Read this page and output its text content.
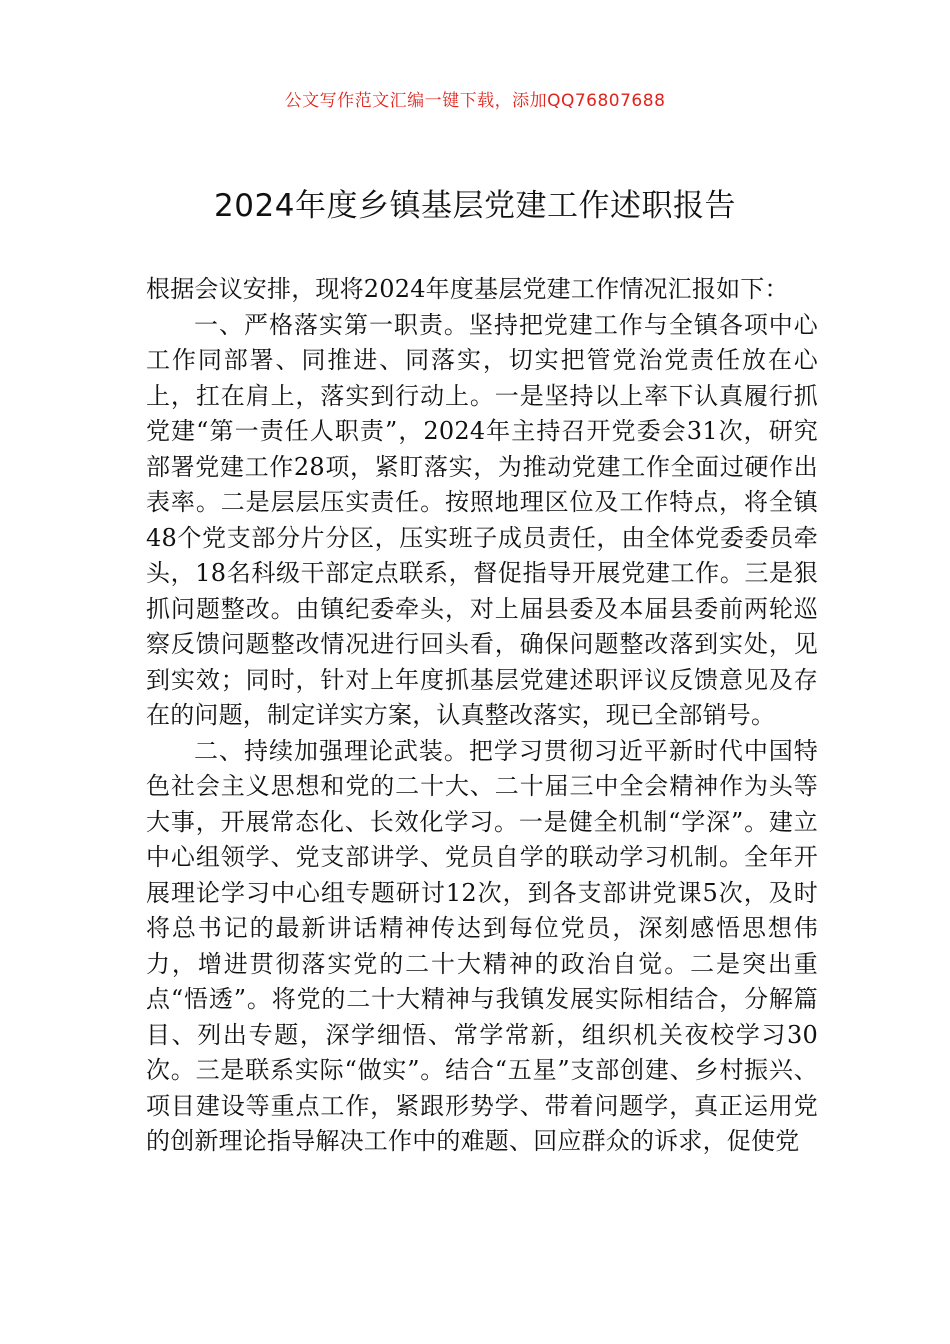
公文写作范文汇编一键下载，添加QQ76807688
2024年度乡镇基层党建工作述职报告

根据会议安排，现将2024年度基层党建工作情况汇报如下：

一、严格落实第一职责。坚持把党建工作与全镇各项中心工作同部署、同推进、同落实，切实把管党治党责任放在心上，扛在肩上，落实到行动上。一是坚持以上率下认真履行抓党建“第一责任人职责”，2024年主持召开党委会31次，研究部署党建工作28项，紧盯落实，为推动党建工作全面过硬作出表率。二是层层压实责任。按照地理区位及工作特点，将全镇48个党支部分片分区，压实班子成员责任，由全体党委委员牵头，18名科级干部定点联系，督促指导开展党建工作。三是狠抓问题整改。由镇纪委牵头，对上届县委及本届县委前两轮巡察反馈问题整改情况进行回头看，确保问题整改落到实处，见到实效；同时，针对上年度抓基层党建述职评议反馈意见及存在的问题，制定详实方案，认真整改落实，现已全部销号。

二、持续加强理论武装。把学习贯彻习近平新时代中国特色社会主义思想和党的二十大、二十届三中全会精神作为头等大事，开展常态化、长效化学习。一是健全机制“学深”。建立中心组领学、党支部讲学、党员自学的联动学习机制。全年开展理论学习中心组专题研讨12次，到各支部讲党课5次，及时将总书记的最新讲话精神传达到每位党员，深刻感悟思想伟力，增进贯彻落实党的二十大精神的政治自觉。二是突出重点“悟透”。将党的二十大精神与我镇发展实际相结合，分解篇目、列出专题，深学细悟、常学常新，组织机关夜校学习30次。三是联系实际“做实”。结合“五星”支部创建、乡村振兴、项目建设等重点工作，紧跟形势学、带着问题学，真正运用党的创新理论指导解决工作中的难题、回应群众的诉求，促使党
